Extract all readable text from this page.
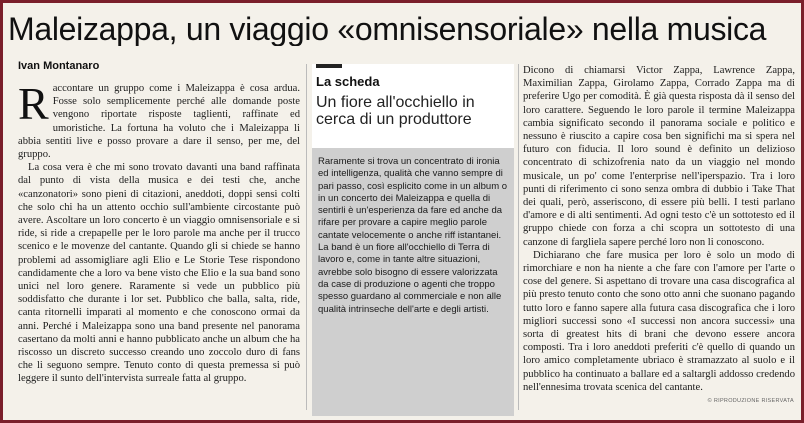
Maleizappa, un viaggio «omnisensoriale» nella musica
Ivan Montanaro
R accontare un gruppo come i Maleizappa è cosa ardua. Fosse solo semplicemente perché alle domande poste vengono riportate risposte taglienti, raffinate ed umoristiche. La fortuna ha voluto che i Maleizappa li abbia sentiti live e posso provare a dare il senso, per me, del gruppo.

La cosa vera è che mi sono trovato davanti una band raffinata dal punto di vista della musica e dei testi che, anche «canzonatori» sono pieni di citazioni, aneddoti, doppi sensi colti che solo chi ha un attento occhio sull'ambiente circostante può avere. Ascoltare un loro concerto è un viaggio omnisensoriale e si ride, si ride a crepapelle per le loro parole ma anche per il trucco scenico e le movenze del cantante. Quando gli si chiede se hanno problemi ad assomigliare agli Elio e Le Storie Tese rispondono candidamente che a loro va bene visto che Elio e la sua band sono unici nel loro genere. Raramente si vede un pubblico più soddisfatto che durante i lor set. Pubblico che balla, salta, ride, canta ritornelli imparati al momento e che conoscono ormai da anni. Perché i Maleizappa sono una band presente nel panorama casertano da molti anni e hanno pubblicato anche un album che ha riscosso un discreto successo creando uno zoccolo duro di fans che li seguono sempre. Tenuto conto di questa premessa si può leggere il sunto dell'intervista surreale fatta al gruppo.

La scheda
Un fiore all'occhiello in cerca di un produttore
Raramente si trova un concentrato di ironia ed intelligenza, qualità che vanno sempre di pari passo, così esplicito come in un album o in un concerto dei Maleizappa e quella di sentirli è un'esperienza da fare ed anche da rifare per provare a capire meglio parole cantate velocemente o anche riff istantanei. La band è un fiore all'occhiello di Terra di lavoro e, come in tante altre situazioni, avrebbe solo bisogno di essere valorizzata da case di produzione o agenti che troppo spesso guardano al commerciale e non alle qualità intrinseche dell'arte e degli artisti.

Dicono di chiamarsi Victor Zappa, Lawrence Zappa, Maximilian Zappa, Girolamo Zappa, Corrado Zappa ma di preferire Ugo per comodità. È già questa risposta dà il senso del loro carattere. Seguendo le loro parole il termine Maleizappa cambia significato secondo il panorama sociale e politico e nessuno è riuscito a capire cosa ben significhi ma si spera nel futuro con fiducia. Il loro sound è definito un delizioso concentrato di schizofrenia nato da un viaggio nel mondo musicale, un po' come l'enterprise nell'iperspazio. Tra i loro punti di riferimento ci sono senza ombra di dubbio i Take That dei quali, però, asseriscono, di essere più belli. I testi parlano d'amore e di alti sentimenti. Ad ogni testo c'è un sottotesto ed il gruppo chiede con forza a chi scopra un sottotesto di una canzone di fargliela sapere perché loro non li conoscono.

Dichiarano che fare musica per loro è solo un modo di rimorchiare e non ha niente a che fare con l'amore per l'arte o cose del genere. Si aspettano di trovare una casa discografica al più presto tenuto conto che sono otto anni che suonano pagando tutto loro e fanno sapere alla futura casa discografica che i loro migliori successi sono «I successi non ancora successi» una sorta di greatest hits di brani che devono essere ancora composti. Tra i loro aneddoti preferiti c'è quello di quando un loro amico completamente ubriaco è stramazzato al suolo e il pubblico ha continuato a ballare ed a saltargli addosso credendo nell'ennesima trovata scenica del cantante.

© RIPRODUZIONE RISERVATA
